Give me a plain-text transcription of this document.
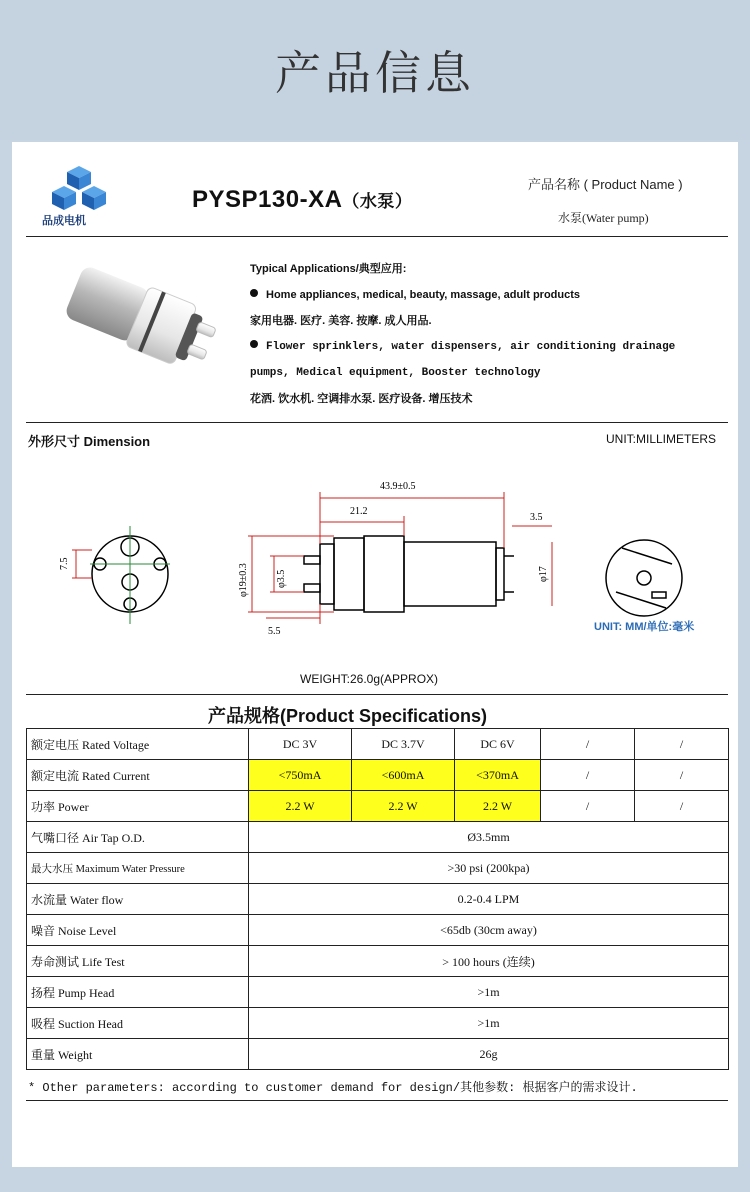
产品信息
品成电机
PYSP130-XA（水泵）
产品名称 ( Product Name )
水泵(Water pump)
Typical Applications/典型应用:
Home appliances, medical, beauty, massage, adult products
家用电器. 医疗. 美容. 按摩. 成人用品.
Flower sprinklers, water dispensers, air conditioning drainage
pumps, Medical equipment, Booster technology
花洒. 饮水机. 空调排水泵. 医疗设备. 增压技术
外形尺寸 Dimension	UNIT:MILLIMETERS
7.5
43.9±0.5
21.2
3.5
φ19±0.3	φ3.5	φ17
5.5	UNIT: MM/单位:毫米
WEIGHT:26.0g(APPROX)
产品规格(Product Specifications)
额定电压 Rated Voltage	DC 3V	DC 3.7V	DC 6V	/	/
额定电流 Rated Current	<750mA	<600mA	<370mA	/	/
功率 Power	2.2 W	2.2 W	2.2 W	/	/
气嘴口径 Air Tap O.D.	Ø3.5mm				
最大水压 Maximum Water Pressure	>30 psi (200kpa)				
水流量 Water flow	0.2-0.4 LPM				
噪音 Noise Level	<65db (30cm away)				
寿命测试 Life Test	> 100 hours (连续)				
扬程 Pump Head	>1m				
吸程 Suction Head	>1m				
重量 Weight	26g				
* Other parameters: according to customer demand for design/其他参数: 根据客户的需求设计.
